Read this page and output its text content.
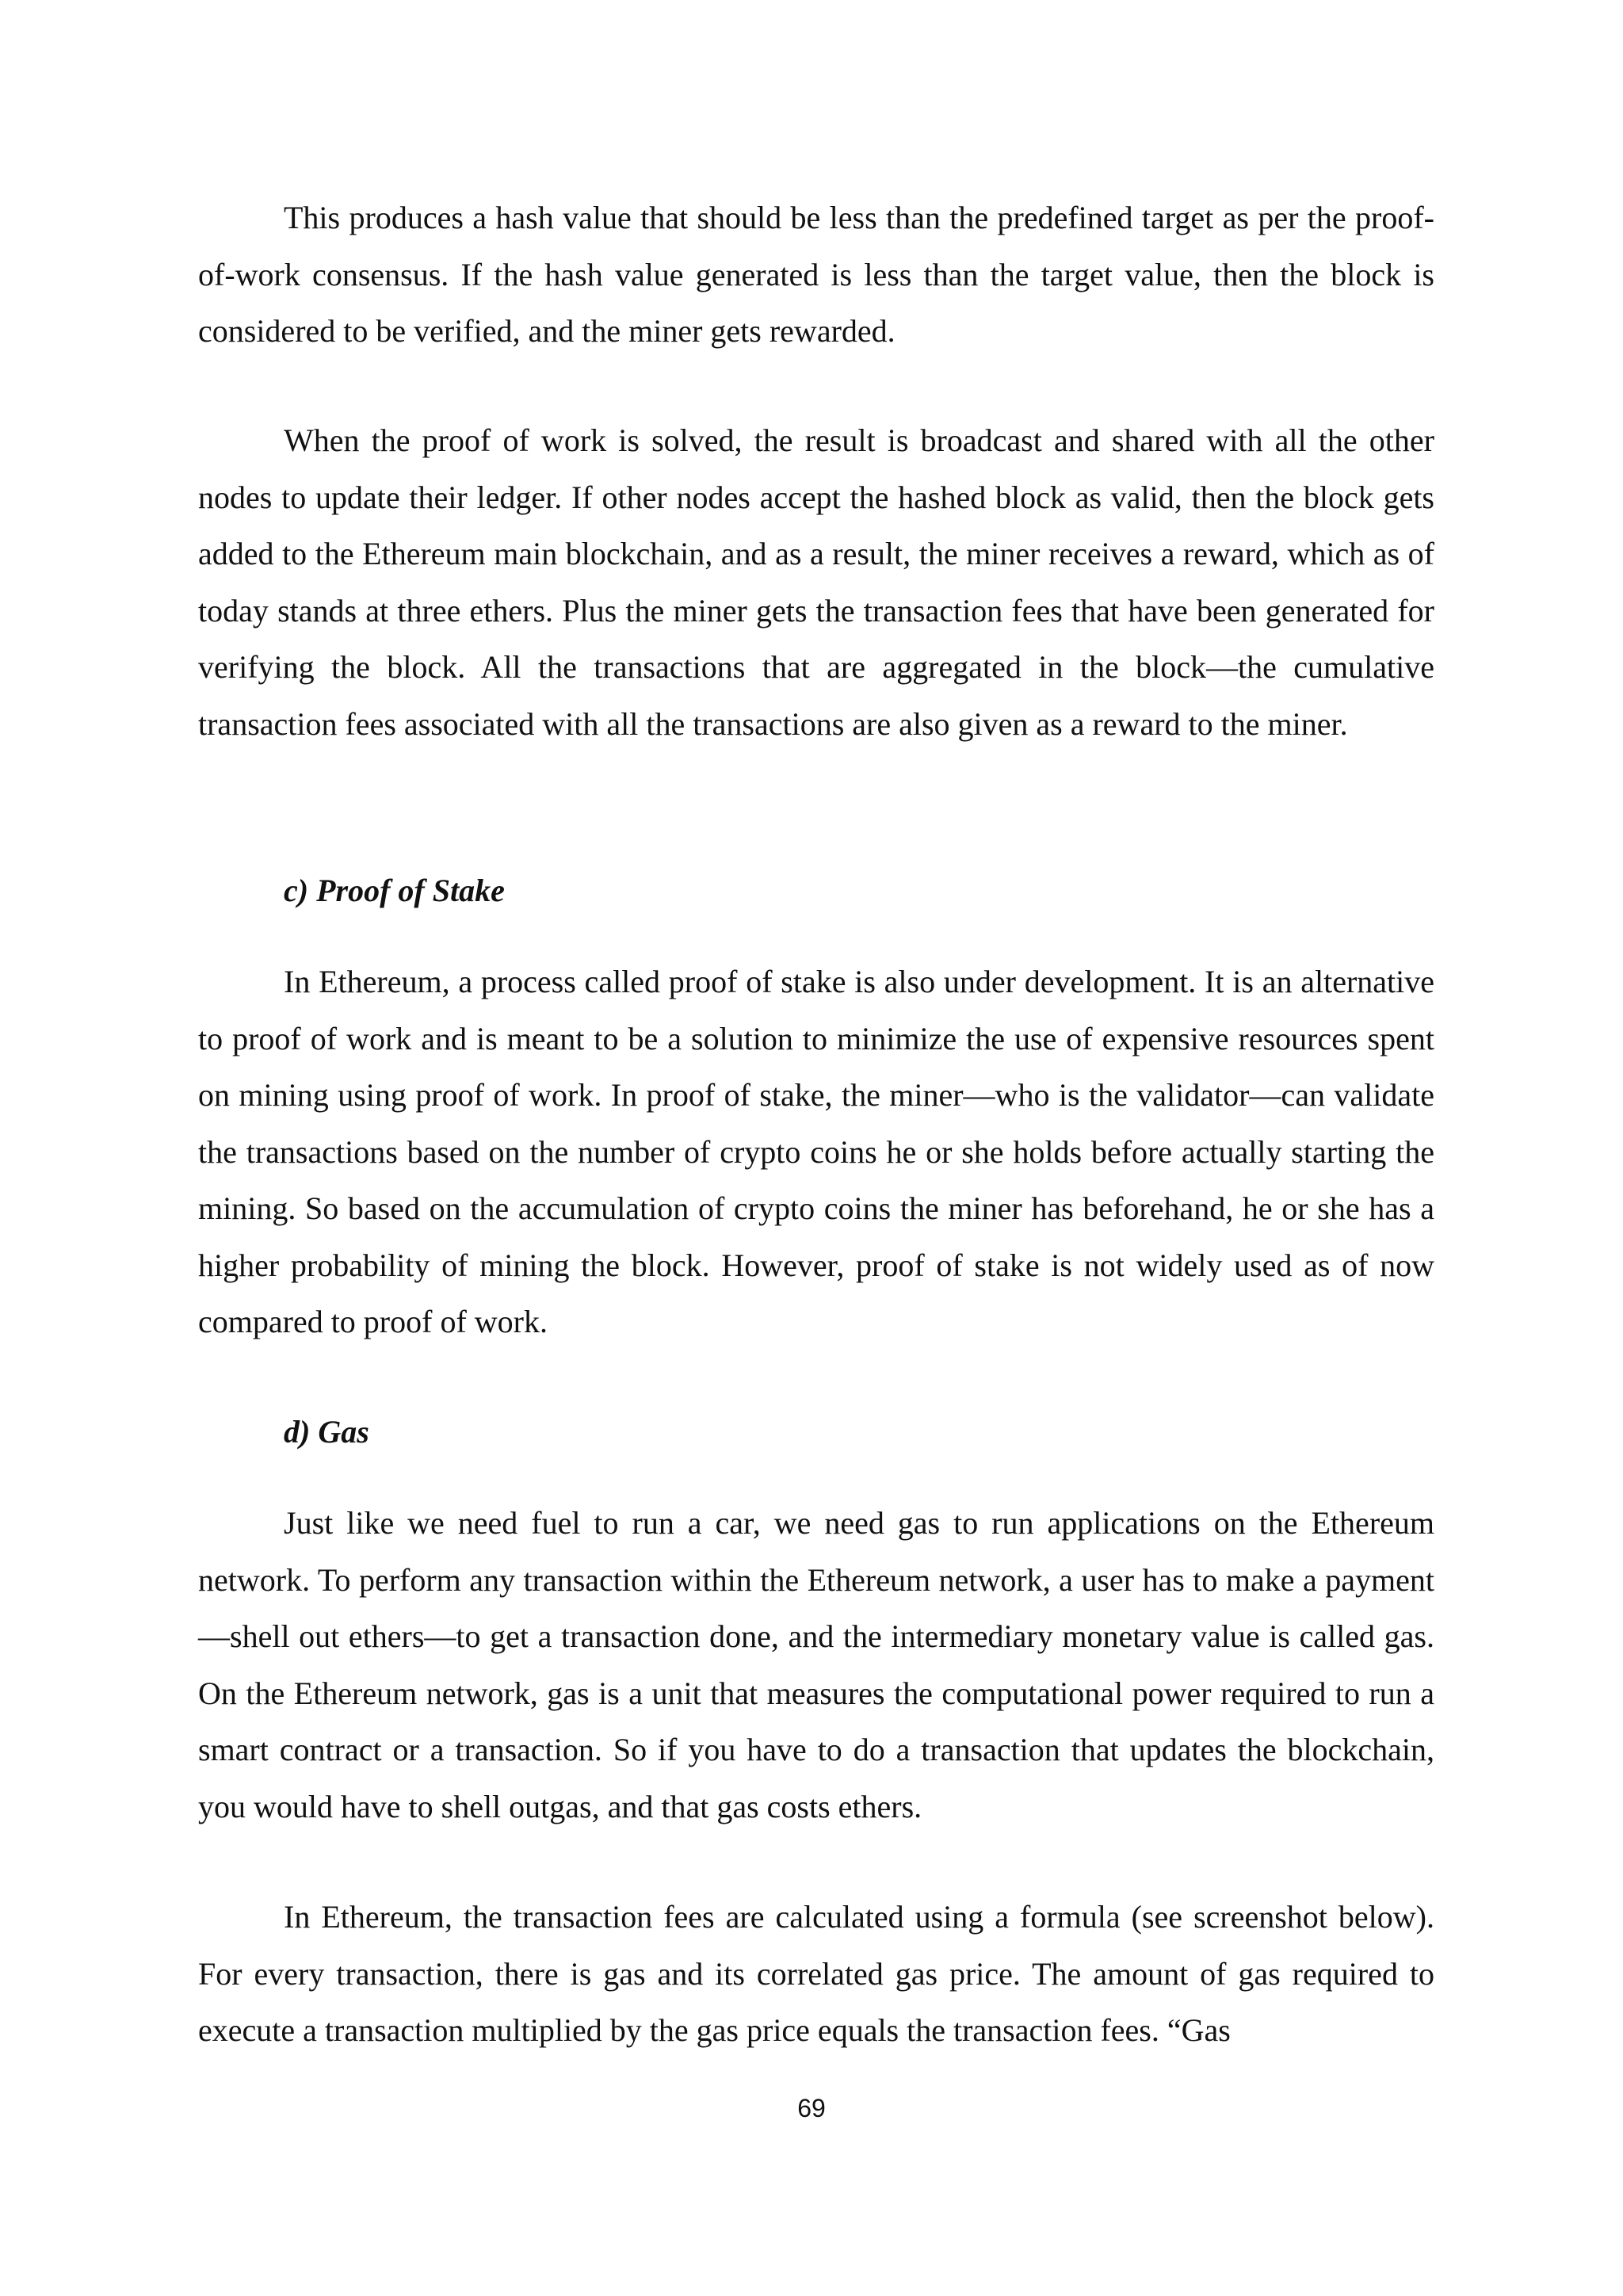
This produces a hash value that should be less than the predefined target as per the proof-of-work consensus. If the hash value generated is less than the target value, then the block is considered to be verified, and the miner gets rewarded.

When the proof of work is solved, the result is broadcast and shared with all the other nodes to update their ledger. If other nodes accept the hashed block as valid, then the block gets added to the Ethereum main blockchain, and as a result, the miner receives a reward, which as of today stands at three ethers. Plus the miner gets the transaction fees that have been generated for verifying the block. All the transactions that are aggregated in the block—the cumulative transaction fees associated with all the transactions are also given as a reward to the miner.

c) Proof of Stake

In Ethereum, a process called proof of stake is also under development. It is an alternative to proof of work and is meant to be a solution to minimize the use of expensive resources spent on mining using proof of work. In proof of stake, the miner—who is the validator—can validate the transactions based on the number of crypto coins he or she holds before actually starting the mining. So based on the accumulation of crypto coins the miner has beforehand, he or she has a higher probability of mining the block. However, proof of stake is not widely used as of now compared to proof of work.

d) Gas

Just like we need fuel to run a car, we need gas to run applications on the Ethereum network. To perform any transaction within the Ethereum network, a user has to make a payment—shell out ethers—to get a transaction done, and the intermediary monetary value is called gas. On the Ethereum network, gas is a unit that measures the computational power required to run a smart contract or a transaction. So if you have to do a transaction that updates the blockchain, you would have to shell outgas, and that gas costs ethers.

In Ethereum, the transaction fees are calculated using a formula (see screenshot below). For every transaction, there is gas and its correlated gas price. The amount of gas required to execute a transaction multiplied by the gas price equals the transaction fees. “Gas

69
